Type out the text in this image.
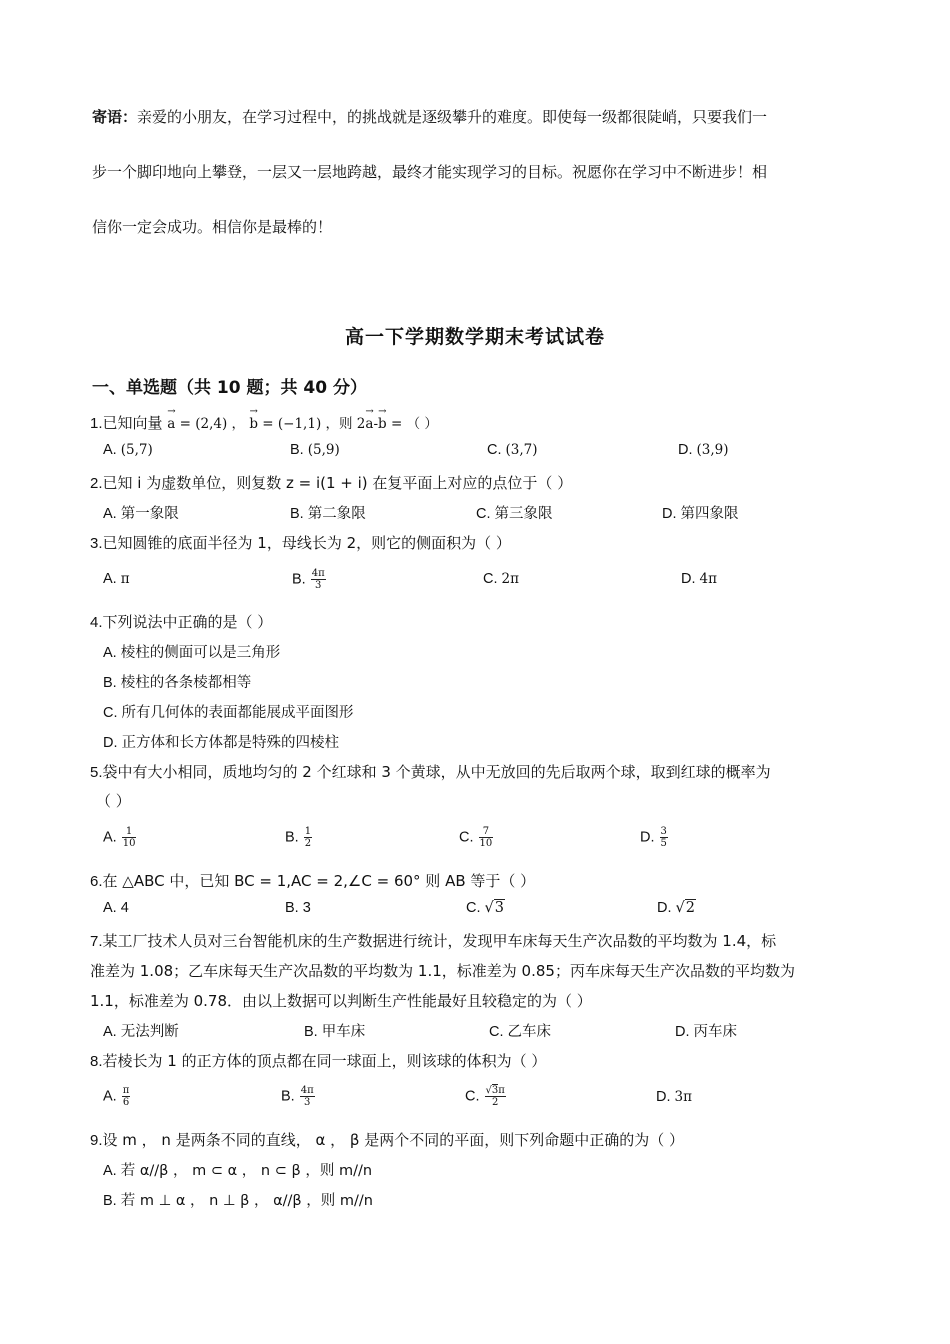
寄语：亲爱的小朋友，在学习过程中，的挑战就是逐级攀升的难度。即使每一级都很陡峭，只要我们一
步一个脚印地向上攀登，一层又一层地跨越，最终才能实现学习的目标。祝愿你在学习中不断进步！相
信你一定会成功。相信你是最棒的！
高一下学期数学期末考试试卷
一、单选题（共 10 题；共 40 分）
1.已知向量
→
a = (2,4) ，
→
b = (−1,1) ，则 2
→
a-
→
b = （ ）
A. (5,7)	B. (5,9)	C. (3,7)	D. (3,9)
2.已知 i 为虚数单位，则复数 z = i(1 + i) 在复平面上对应的点位于（ ）
A. 第一象限	B. 第二象限	C. 第三象限	D. 第四象限
3.已知圆锥的底面半径为 1，母线长为 2，则它的侧面积为（ ）
A. π	B. $\frac{4\pi}{3}$	C. 2π	D. 4π
4.下列说法中正确的是（ ）
A. 棱柱的侧面可以是三角形
B. 棱柱的各条棱都相等
C. 所有几何体的表面都能展成平面图形
D. 正方体和长方体都是特殊的四棱柱
5.袋中有大小相同，质地均匀的 2 个红球和 3 个黄球，从中无放回的先后取两个球，取到红球的概率为
（ ）
A. $\frac{1}{10}$	B. $\frac{1}{2}$	C. $\frac{7}{10}$	D. $\frac{3}{5}$
6.在 △ABC 中，已知 BC = 1,AC = 2,∠C = 60° 则 AB 等于（ ）
A. 4	B. 3	C. √3	D. √2
7.某工厂技术人员对三台智能机床的生产数据进行统计，发现甲车床每天生产次品数的平均数为 1.4，标
准差为 1.08；乙车床每天生产次品数的平均数为 1.1，标准差为 0.85；丙车床每天生产次品数的平均数为
1.1，标准差为 0.78．由以上数据可以判断生产性能最好且较稳定的为（ ）
A. 无法判断	B. 甲车床	C. 乙车床	D. 丙车床
8.若棱长为 1 的正方体的顶点都在同一球面上，则该球的体积为（ ）
A. $\frac{\pi}{6}$	B. $\frac{4\pi}{3}$	C. $\frac{√3\pi}{2}$	D. 3π
9.设 m ， n 是两条不同的直线， α ， β 是两个不同的平面，则下列命题中正确的为（ ）
A. 若 α//β ， m ⊂ α ， n ⊂ β ，则 m//n
B. 若 m ⊥ α ， n ⊥ β ， α//β ，则 m//n
